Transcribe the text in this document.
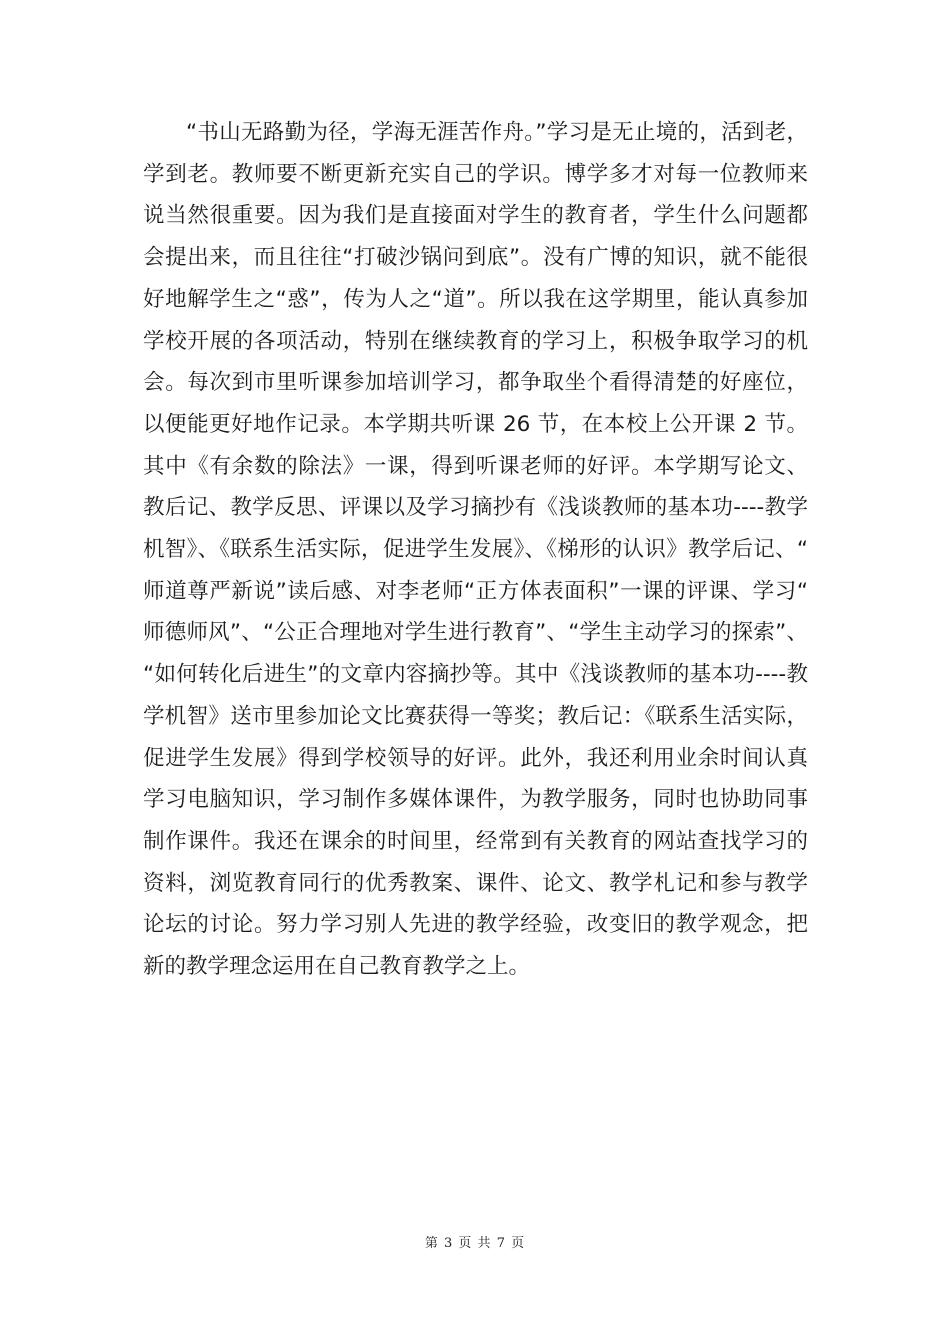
“书山无路勤为径，学海无涯苦作舟。”学习是无止境的，活到老，学到老。教师要不断更新充实自己的学识。博学多才对每一位教师来说当然很重要。因为我们是直接面对学生的教育者，学生什么问题都会提出来，而且往往“打破沙锅问到底”。没有广博的知识，就不能很好地解学生之“惑”，传为人之“道”。所以我在这学期里，能认真参加学校开展的各项活动，特别在继续教育的学习上，积极争取学习的机会。每次到市里听课参加培训学习，都争取坐个看得清楚的好座位，以便能更好地作记录。本学期共听课 26 节，在本校上公开课 2 节。其中《有余数的除法》一课，得到听课老师的好评。本学期写论文、教后记、教学反思、评课以及学习摘抄有《浅谈教师的基本功----教学机智》、《联系生活实际，促进学生发展》、《梯形的认识》教学后记、“师道尊严新说”读后感、对李老师“正方体表面积”一课的评课、学习“师德师风”、“公正合理地对学生进行教育”、“学生主动学习的探索”、“如何转化后进生”的文章内容摘抄等。其中《浅谈教师的基本功----教学机智》送市里参加论文比赛获得一等奖；教后记：《联系生活实际，促进学生发展》得到学校领导的好评。此外，我还利用业余时间认真学习电脑知识，学习制作多媒体课件，为教学服务，同时也协助同事制作课件。我还在课余的时间里，经常到有关教育的网站查找学习的资料，浏览教育同行的优秀教案、课件、论文、教学札记和参与教学论坛的讨论。努力学习别人先进的教学经验，改变旧的教学观念，把新的教学理念运用在自己教育教学之上。

第 3 页 共 7 页
